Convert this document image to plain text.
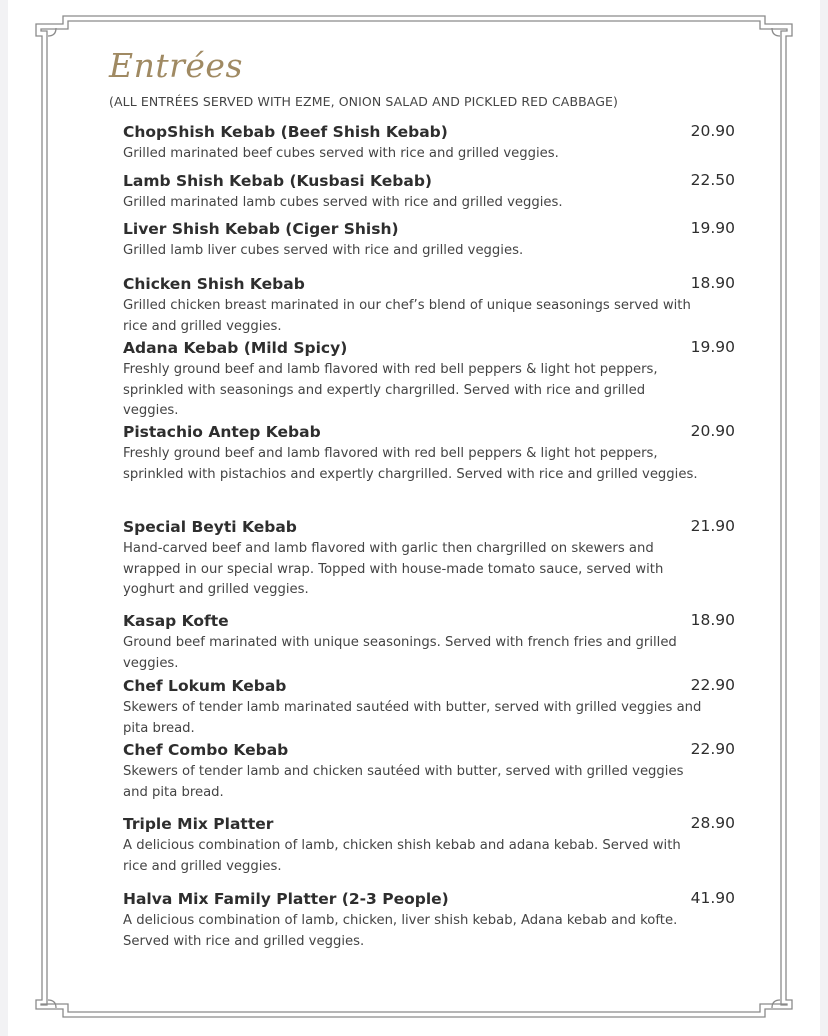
Entrées
(ALL ENTRÉES SERVED WITH EZME, ONION SALAD AND PICKLED RED CABBAGE)
ChopShish Kebab (Beef Shish Kebab)	20.90
Grilled marinated beef cubes served with rice and grilled veggies.
Lamb Shish Kebab (Kusbasi Kebab)	22.50
Grilled marinated lamb cubes served with rice and grilled veggies.
Liver Shish Kebab (Ciger Shish)	19.90
Grilled lamb liver cubes served with rice and grilled veggies.
Chicken Shish Kebab	18.90
Grilled chicken breast marinated in our chef’s blend of unique seasonings served with rice and grilled veggies.
Adana Kebab (Mild Spicy)	19.90
Freshly ground beef and lamb flavored with red bell peppers & light hot peppers, sprinkled with seasonings and expertly chargrilled. Served with rice and grilled veggies.
Pistachio Antep Kebab	20.90
Freshly ground beef and lamb flavored with red bell peppers & light hot peppers, sprinkled with pistachios and expertly chargrilled. Served with rice and grilled veggies.
Special Beyti Kebab	21.90
Hand-carved beef and lamb flavored with garlic then chargrilled on skewers and wrapped in our special wrap. Topped with house-made tomato sauce, served with yoghurt and grilled veggies.
Kasap Kofte	18.90
Ground beef marinated with unique seasonings. Served with french fries and grilled veggies.
Chef Lokum Kebab	22.90
Skewers of tender lamb marinated sautéed with butter, served with grilled veggies and pita bread.
Chef Combo Kebab	22.90
Skewers of tender lamb and chicken sautéed with butter, served with grilled veggies and pita bread.
Triple Mix Platter	28.90
A delicious combination of lamb, chicken shish kebab and adana kebab. Served with rice and grilled veggies.
Halva Mix Family Platter (2-3 People)	41.90
A delicious combination of lamb, chicken, liver shish kebab, Adana kebab and kofte. Served with rice and grilled veggies.
